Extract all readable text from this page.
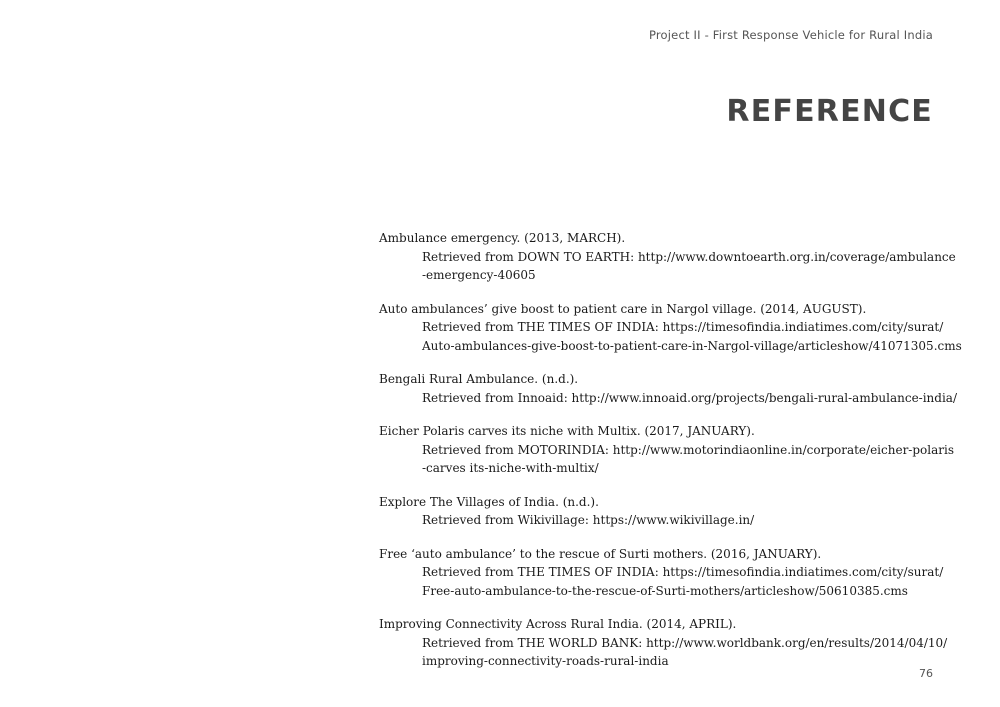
Project II - First Response Vehicle for Rural India
REFERENCE
Ambulance emergency. (2013, MARCH).
Retrieved from DOWN TO EARTH: http://www.downtoearth.org.in/coverage/ambulance
-emergency-40605
Auto ambulances’ give boost to patient care in Nargol village. (2014, AUGUST).
Retrieved from THE TIMES OF INDIA: https://timesofindia.indiatimes.com/city/surat/
Auto-ambulances-give-boost-to-patient-care-in-Nargol-village/articleshow/41071305.cms
Bengali Rural Ambulance. (n.d.).
Retrieved from Innoaid: http://www.innoaid.org/projects/bengali-rural-ambulance-india/
Eicher Polaris carves its niche with Multix. (2017, JANUARY).
Retrieved from MOTORINDIA: http://www.motorindiaonline.in/corporate/eicher-polaris
-carves its-niche-with-multix/
Explore The Villages of India. (n.d.).
Retrieved from Wikivillage: https://www.wikivillage.in/
Free ‘auto ambulance’ to the rescue of Surti mothers. (2016, JANUARY).
Retrieved from THE TIMES OF INDIA: https://timesofindia.indiatimes.com/city/surat/
Free-auto-ambulance-to-the-rescue-of-Surti-mothers/articleshow/50610385.cms
Improving Connectivity Across Rural India. (2014, APRIL).
Retrieved from THE WORLD BANK: http://www.worldbank.org/en/results/2014/04/10/
improving-connectivity-roads-rural-india
76
